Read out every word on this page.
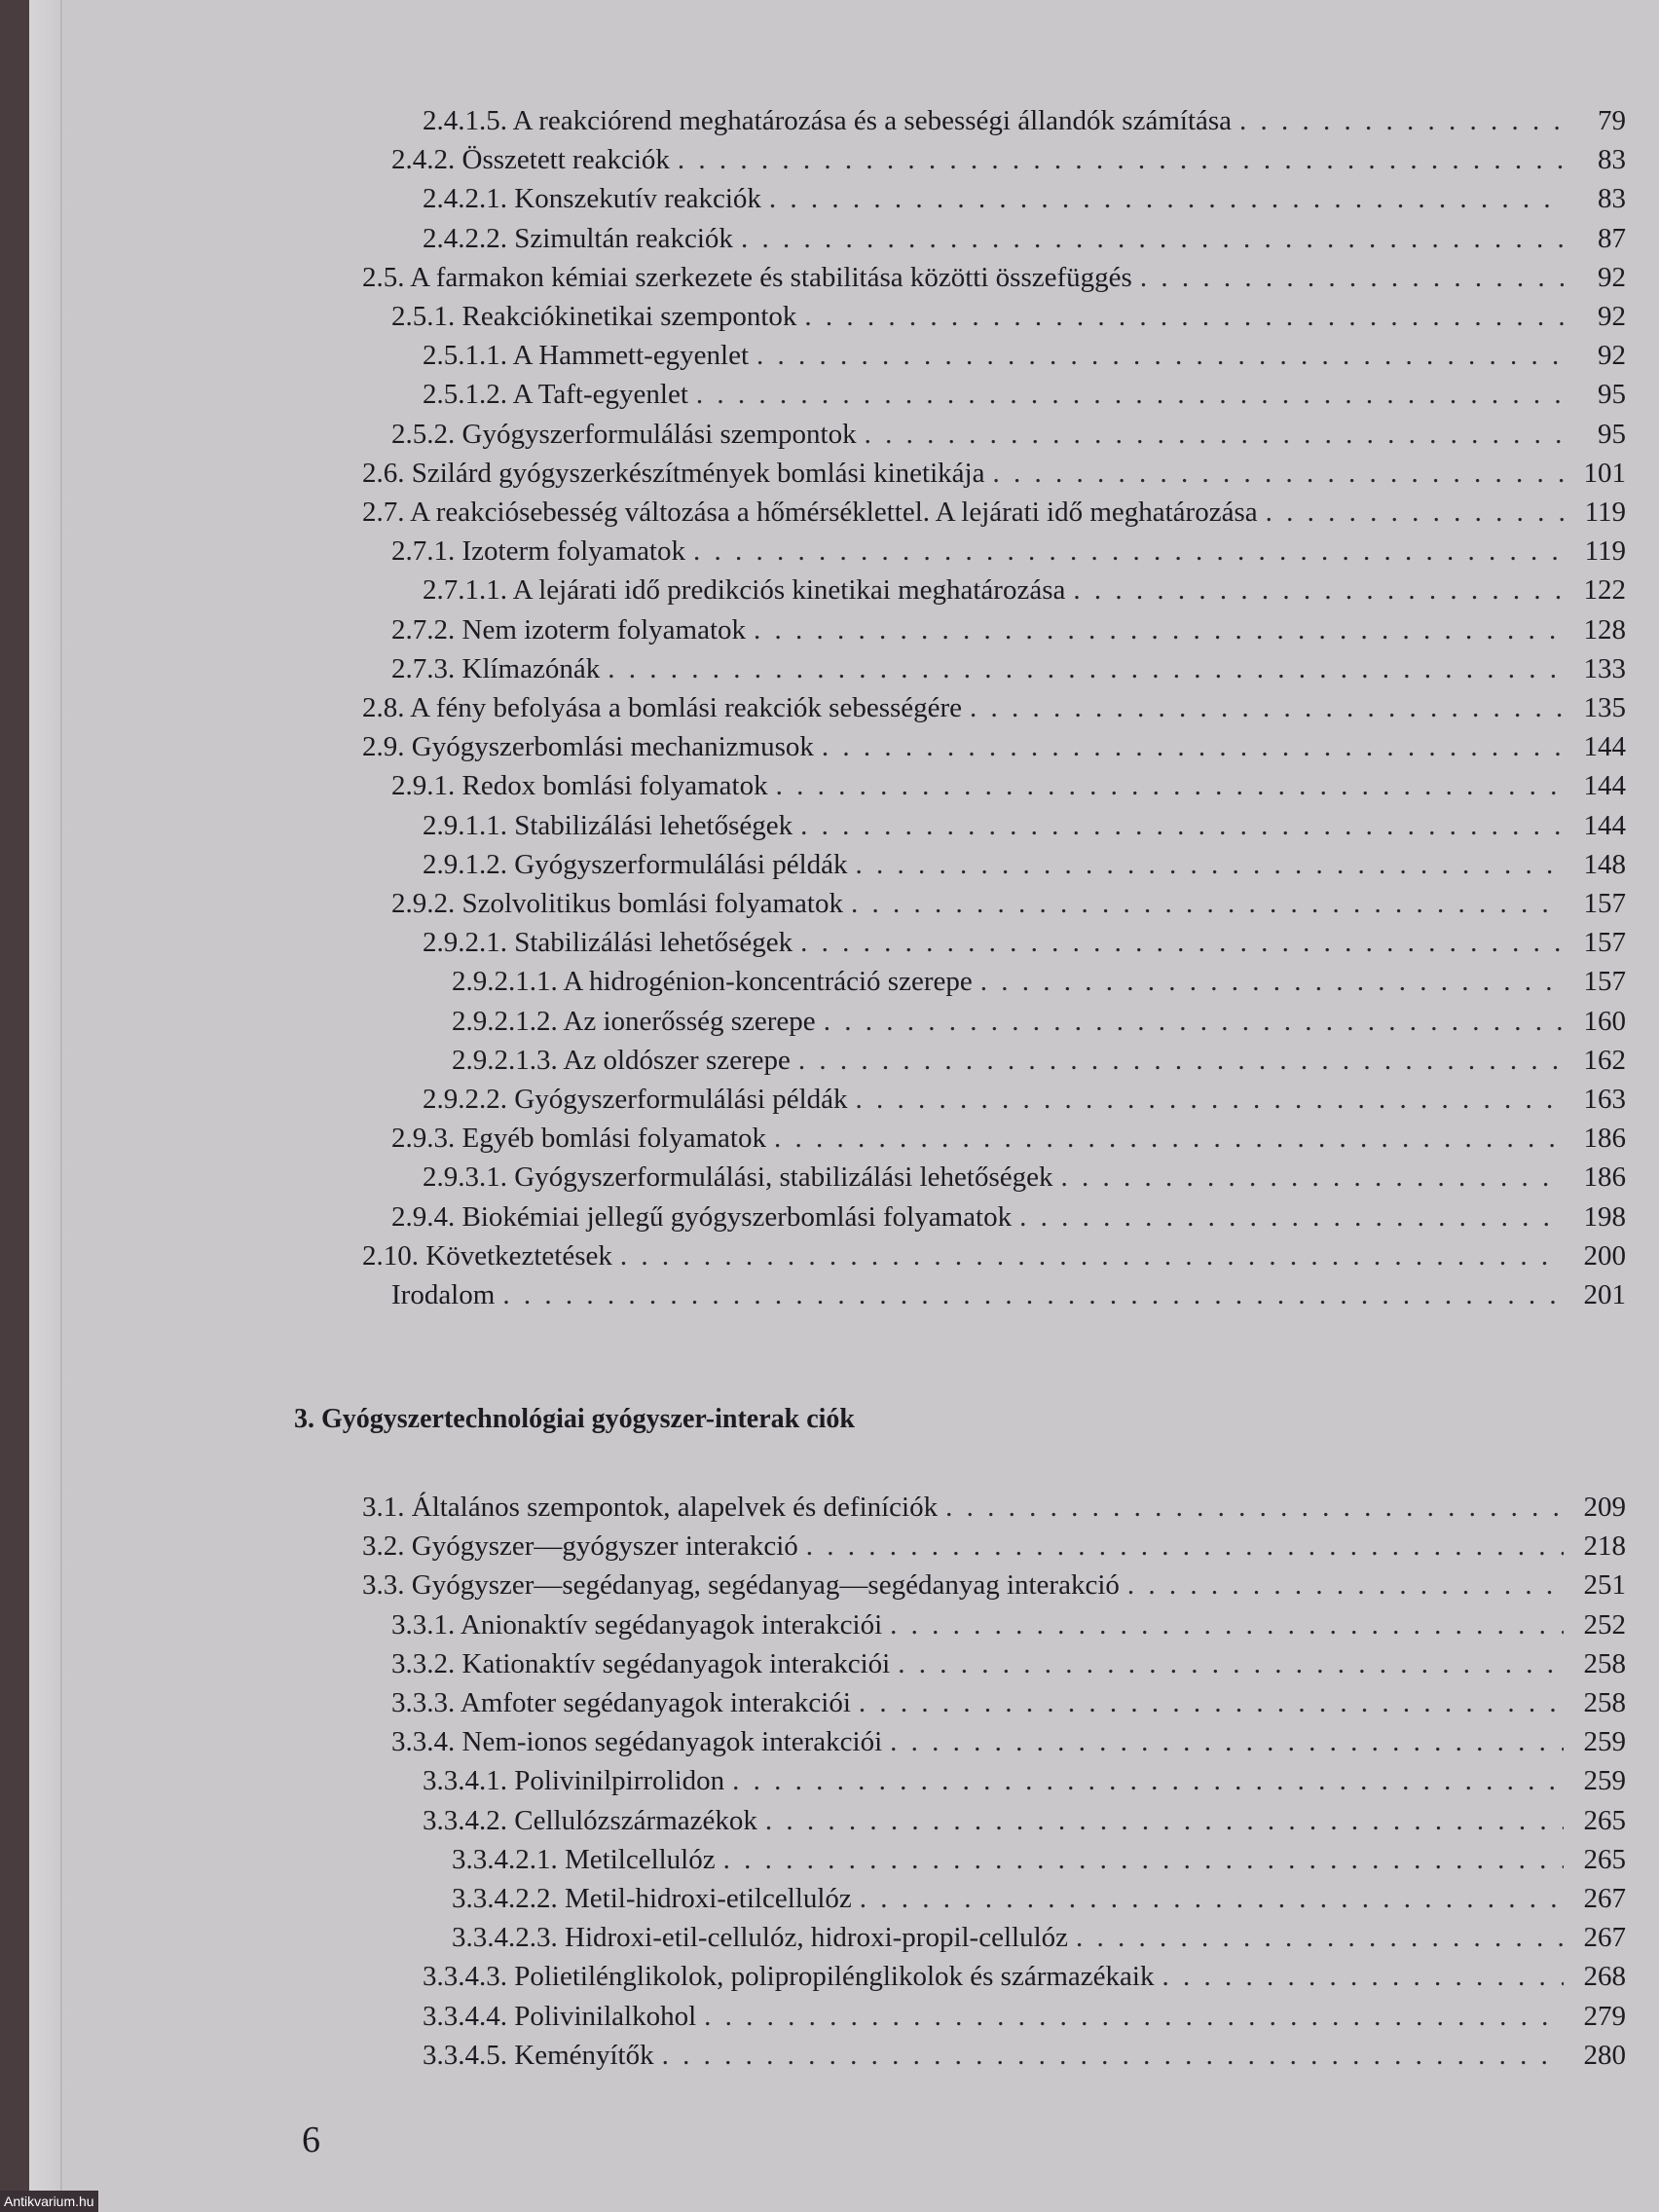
2.4.1.5. A reakciórend meghatározása és a sebességi állandók számítása . . .	79
2.4.2. Összetett reakciók . . .	83
2.4.2.1. Konszekutív reakciók . . .	83
2.4.2.2. Szimultán reakciók . . .	87
2.5. A farmakon kémiai szerkezete és stabilitása közötti összefüggés . . .	92
2.5.1. Reakciókinetikai szempontok . . .	92
2.5.1.1. A Hammett-egyenlet . . .	92
2.5.1.2. A Taft-egyenlet . . .	95
2.5.2. Gyógyszerformulálási szempontok . . .	95
2.6. Szilárd gyógyszerkészítmények bomlási kinetikája . . .	101
2.7. A reakciósebesség változása a hőmérséklettel. A lejárati idő meghatározása . . .	119
2.7.1. Izoterm folyamatok . . .	119
2.7.1.1. A lejárati idő predikciós kinetikai meghatározása . . .	122
2.7.2. Nem izoterm folyamatok . . .	128
2.7.3. Klímazónák . . .	133
2.8. A fény befolyása a bomlási reakciók sebességére . . .	135
2.9. Gyógyszerbomlási mechanizmusok . . .	144
2.9.1. Redox bomlási folyamatok . . .	144
2.9.1.1. Stabilizálási lehetőségek . . .	144
2.9.1.2. Gyógyszerformulálási példák . . .	148
2.9.2. Szolvolitikus bomlási folyamatok . . .	157
2.9.2.1. Stabilizálási lehetőségek . . .	157
2.9.2.1.1. A hidrogénion-koncentráció szerepe . . .	157
2.9.2.1.2. Az ionerősség szerepe . . .	160
2.9.2.1.3. Az oldószer szerepe . . .	162
2.9.2.2. Gyógyszerformulálási példák . . .	163
2.9.3. Egyéb bomlási folyamatok . . .	186
2.9.3.1. Gyógyszerformulálási, stabilizálási lehetőségek . . .	186
2.9.4. Biokémiai jellegű gyógyszerbomlási folyamatok . . .	198
2.10. Következtetések . . .	200
Irodalom . . .	201
3.1. Általános szempontok, alapelvek és definíciók . . .	209
3.2. Gyógyszer—gyógyszer interakció . . .	218
3.3. Gyógyszer—segédanyag, segédanyag—segédanyag interakció . . .	251
3.3.1. Anionaktív segédanyagok interakciói . . .	252
3.3.2. Kationaktív segédanyagok interakciói . . .	258
3.3.3. Amfoter segédanyagok interakciói . . .	258
3.3.4. Nem-ionos segédanyagok interakciói . . .	259
3.3.4.1. Polivinilpirrolidon . . .	259
3.3.4.2. Cellulózszármazékok . . .	265
3.3.4.2.1. Metilcellulóz . . .	265
3.3.4.2.2. Metil-hidroxi-etilcellulóz . . .	267
3.3.4.2.3. Hidroxi-etil-cellulóz, hidroxi-propil-cellulóz . . .	267
3.3.4.3. Polietilénglikolok, polipropilénglikolok és származékaik . . .	268
3.3.4.4. Polivinilalkohol . . .	279
3.3.4.5. Keményítők . . .	280
3. Gyógyszertechnológiai gyógyszer-interak ciók
6
Antikvarium.hu
